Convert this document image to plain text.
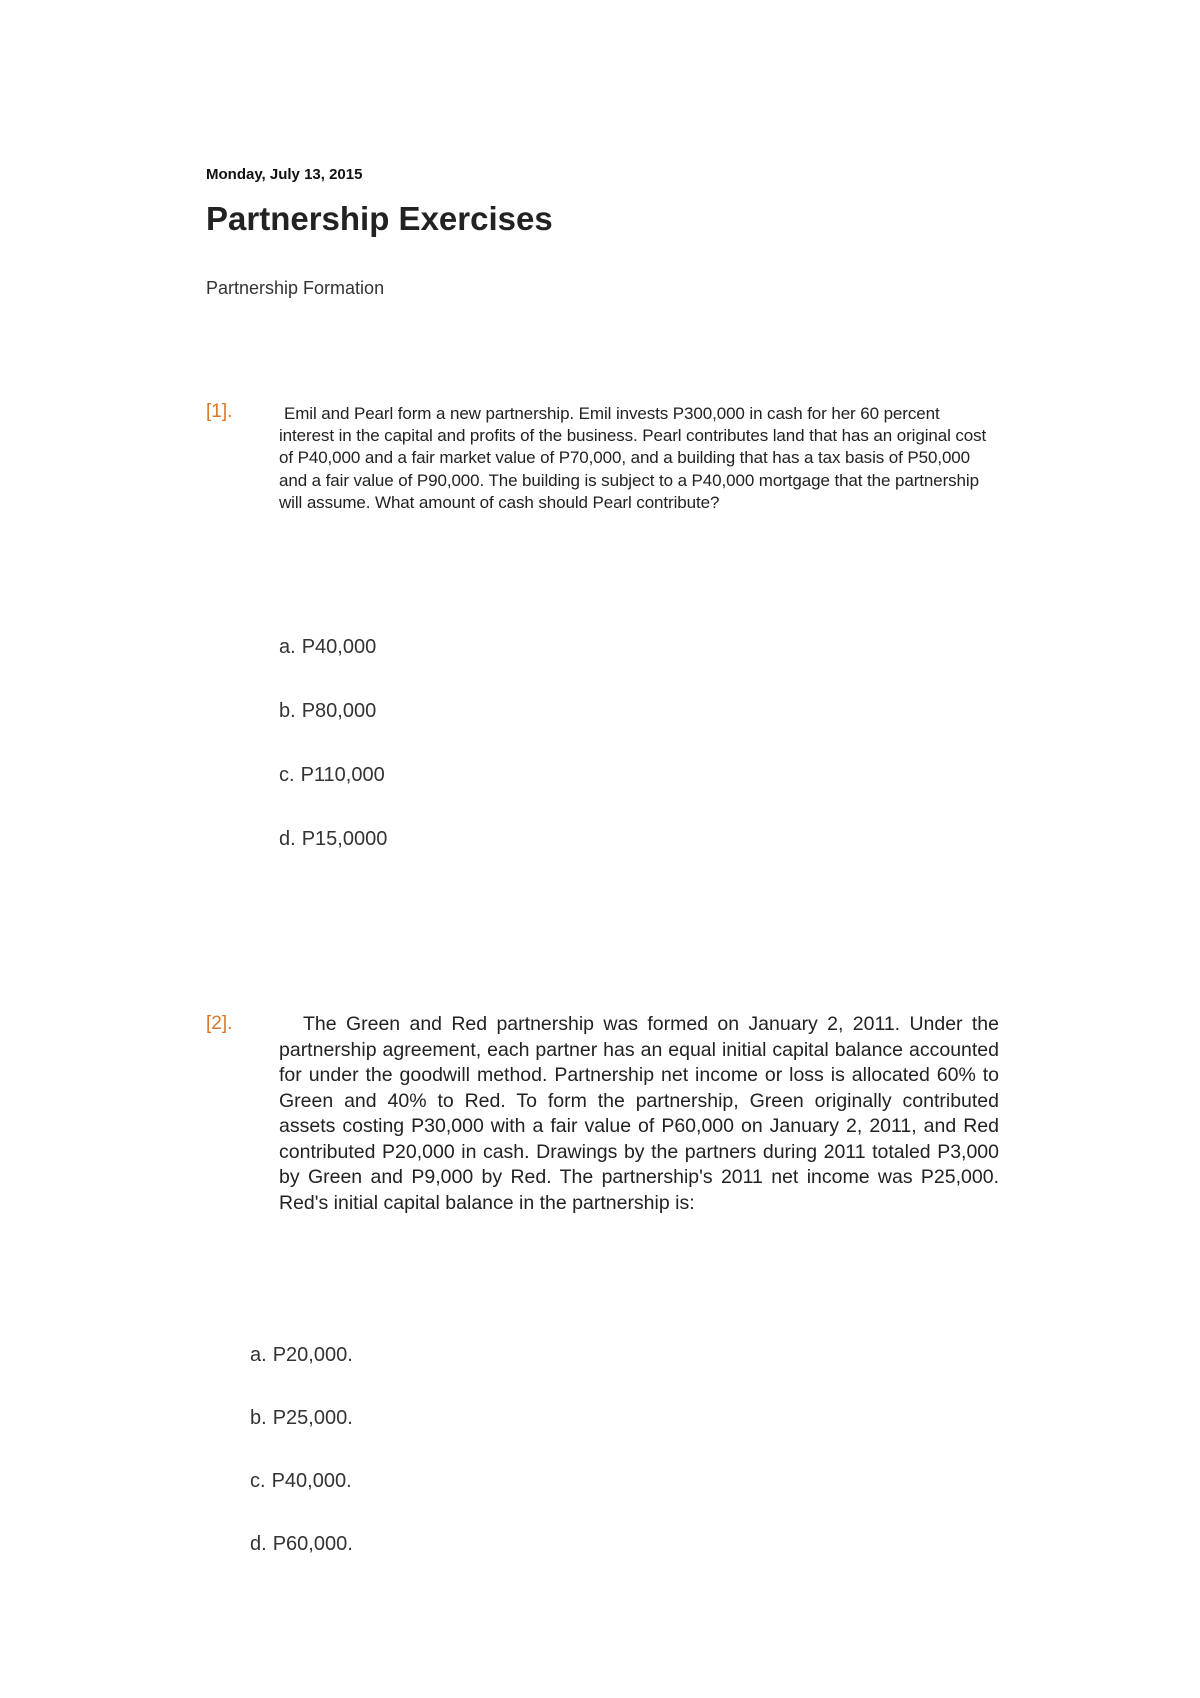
Monday, July 13, 2015
Partnership Exercises
Partnership Formation
[1].	Emil and Pearl form a new partnership. Emil invests P300,000 in cash for her 60 percent interest in the capital and profits of the business. Pearl contributes land that has an original cost of P40,000 and a fair market value of P70,000, and a building that has a tax basis of P50,000 and a fair value of P90,000. The building is subject to a P40,000 mortgage that the partnership will assume. What amount of cash should Pearl contribute?
a. P40,000
b. P80,000
c. P110,000
d. P15,0000
[2].	The Green and Red partnership was formed on January 2, 2011. Under the partnership agreement, each partner has an equal initial capital balance accounted for under the goodwill method. Partnership net income or loss is allocated 60% to Green and 40% to Red. To form the partnership, Green originally contributed assets costing P30,000 with a fair value of P60,000 on January 2, 2011, and Red contributed P20,000 in cash. Drawings by the partners during 2011 totaled P3,000 by Green and P9,000 by Red. The partnership's 2011 net income was P25,000. Red's initial capital balance in the partnership is:
a. P20,000.
b. P25,000.
c. P40,000.
d. P60,000.
